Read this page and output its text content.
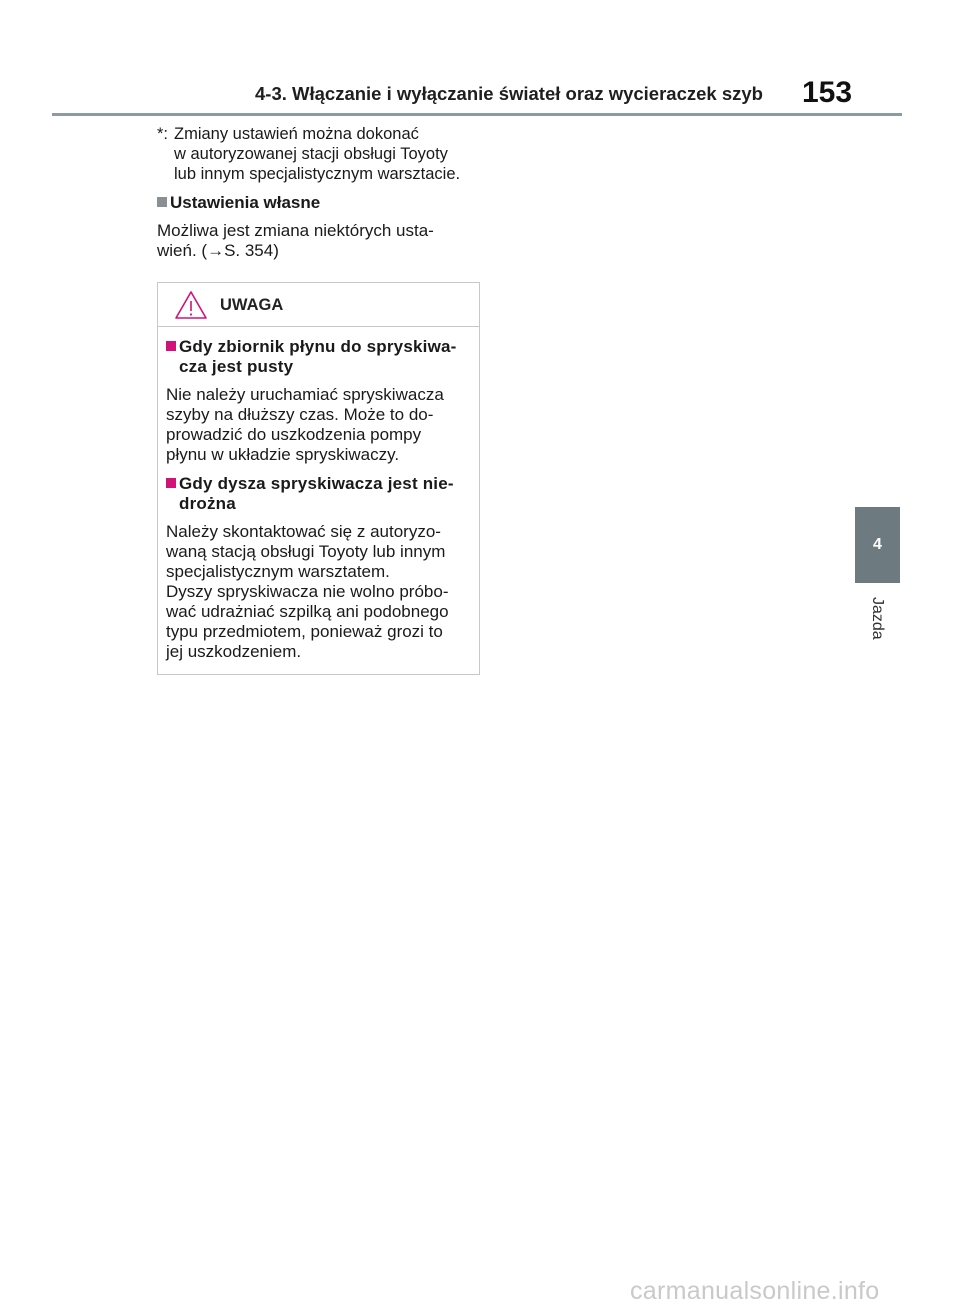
4-3. Włączanie i wyłączanie świateł oraz wycieraczek szyb 153
*: Zmiany ustawień można dokonać
w autoryzowanej stacji obsługi Toyoty
lub innym specjalistycznym warsztacie.
Ustawienia własne
Możliwa jest zmiana niektórych usta-
wień. (→S. 354)
UWAGA
Gdy zbiornik płynu do spryskiwa-
cza jest pusty
Nie należy uruchamiać spryskiwacza
szyby na dłuższy czas. Może to do-
prowadzić do uszkodzenia pompy
płynu w układzie spryskiwaczy.
Gdy dysza spryskiwacza jest nie-
drożna
Należy skontaktować się z autoryzo-
waną stacją obsługi Toyoty lub innym
specjalistycznym warsztatem.
Dyszy spryskiwacza nie wolno próbo-
wać udrażniać szpilką ani podobnego
typu przedmiotem, ponieważ grozi to
jej uszkodzeniem.
4
Jazda
carmanualsonline.info
